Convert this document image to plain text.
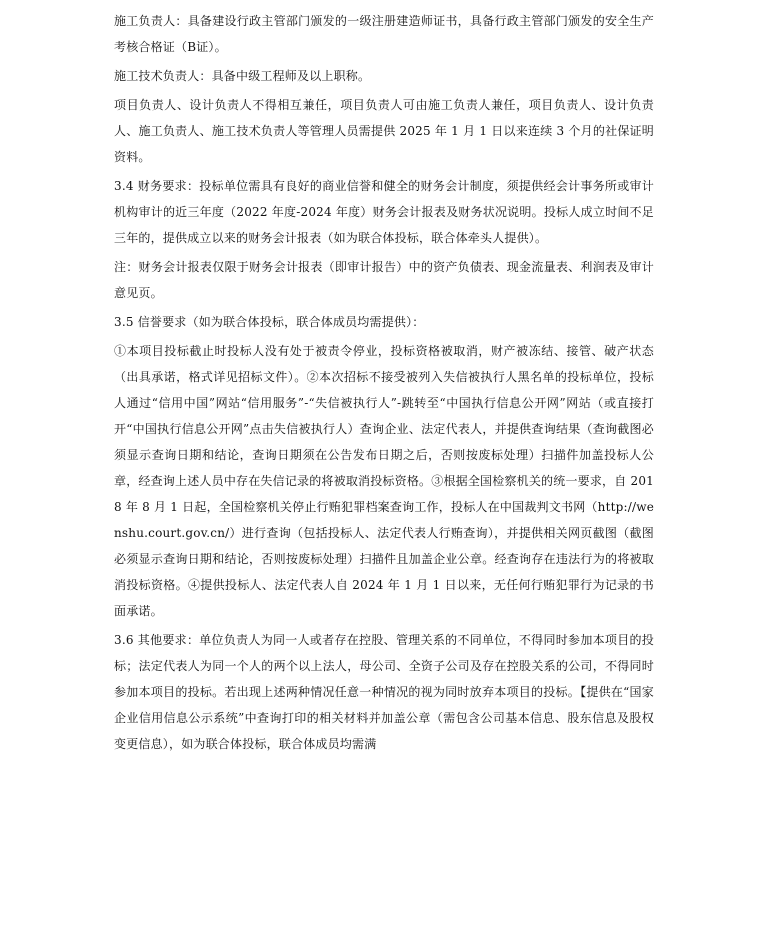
施工负责人：具备建设行政主管部门颁发的一级注册建造师证书，具备行政主管部门颁发的安全生产考核合格证（B证）。

施工技术负责人：具备中级工程师及以上职称。

项目负责人、设计负责人不得相互兼任，项目负责人可由施工负责人兼任，项目负责人、设计负责人、施工负责人、施工技术负责人等管理人员需提供 2025 年 1 月 1 日以来连续 3 个月的社保证明资料。

3.4 财务要求：投标单位需具有良好的商业信誉和健全的财务会计制度，须提供经会计事务所或审计机构审计的近三年度（2022 年度-2024 年度）财务会计报表及财务状况说明。投标人成立时间不足三年的，提供成立以来的财务会计报表（如为联合体投标，联合体牵头人提供）。

注：财务会计报表仅限于财务会计报表（即审计报告）中的资产负债表、现金流量表、利润表及审计意见页。

3.5 信誉要求（如为联合体投标，联合体成员均需提供）：

①本项目投标截止时投标人没有处于被责令停业，投标资格被取消，财产被冻结、接管、破产状态（出具承诺，格式详见招标文件）。②本次招标不接受被列入失信被执行人黑名单的投标单位，投标人通过“信用中国”网站“信用服务”-“失信被执行人”-跳转至“中国执行信息公开网”网站（或直接打开“中国执行信息公开网”点击失信被执行人）查询企业、法定代表人，并提供查询结果（查询截图必须显示查询日期和结论，查询日期须在公告发布日期之后，否则按废标处理）扫描件加盖投标人公章，经查询上述人员中存在失信记录的将被取消投标资格。③根据全国检察机关的统一要求，自 2018 年 8 月 1 日起，全国检察机关停止行贿犯罪档案查询工作，投标人在中国裁判文书网（http://wenshu.court.gov.cn/）进行查询（包括投标人、法定代表人行贿查询），并提供相关网页截图（截图必须显示查询日期和结论，否则按废标处理）扫描件且加盖企业公章。经查询存在违法行为的将被取消投标资格。④提供投标人、法定代表人自 2024 年 1 月 1 日以来，无任何行贿犯罪行为记录的书面承诺。

3.6 其他要求：单位负责人为同一人或者存在控股、管理关系的不同单位，不得同时参加本项目的投标；法定代表人为同一个人的两个以上法人，母公司、全资子公司及存在控股关系的公司，不得同时参加本项目的投标。若出现上述两种情况任意一种情况的视为同时放弃本项目的投标。【提供在“国家企业信用信息公示系统”中查询打印的相关材料并加盖公章（需包含公司基本信息、股东信息及股权变更信息），如为联合体投标，联合体成员均需满
